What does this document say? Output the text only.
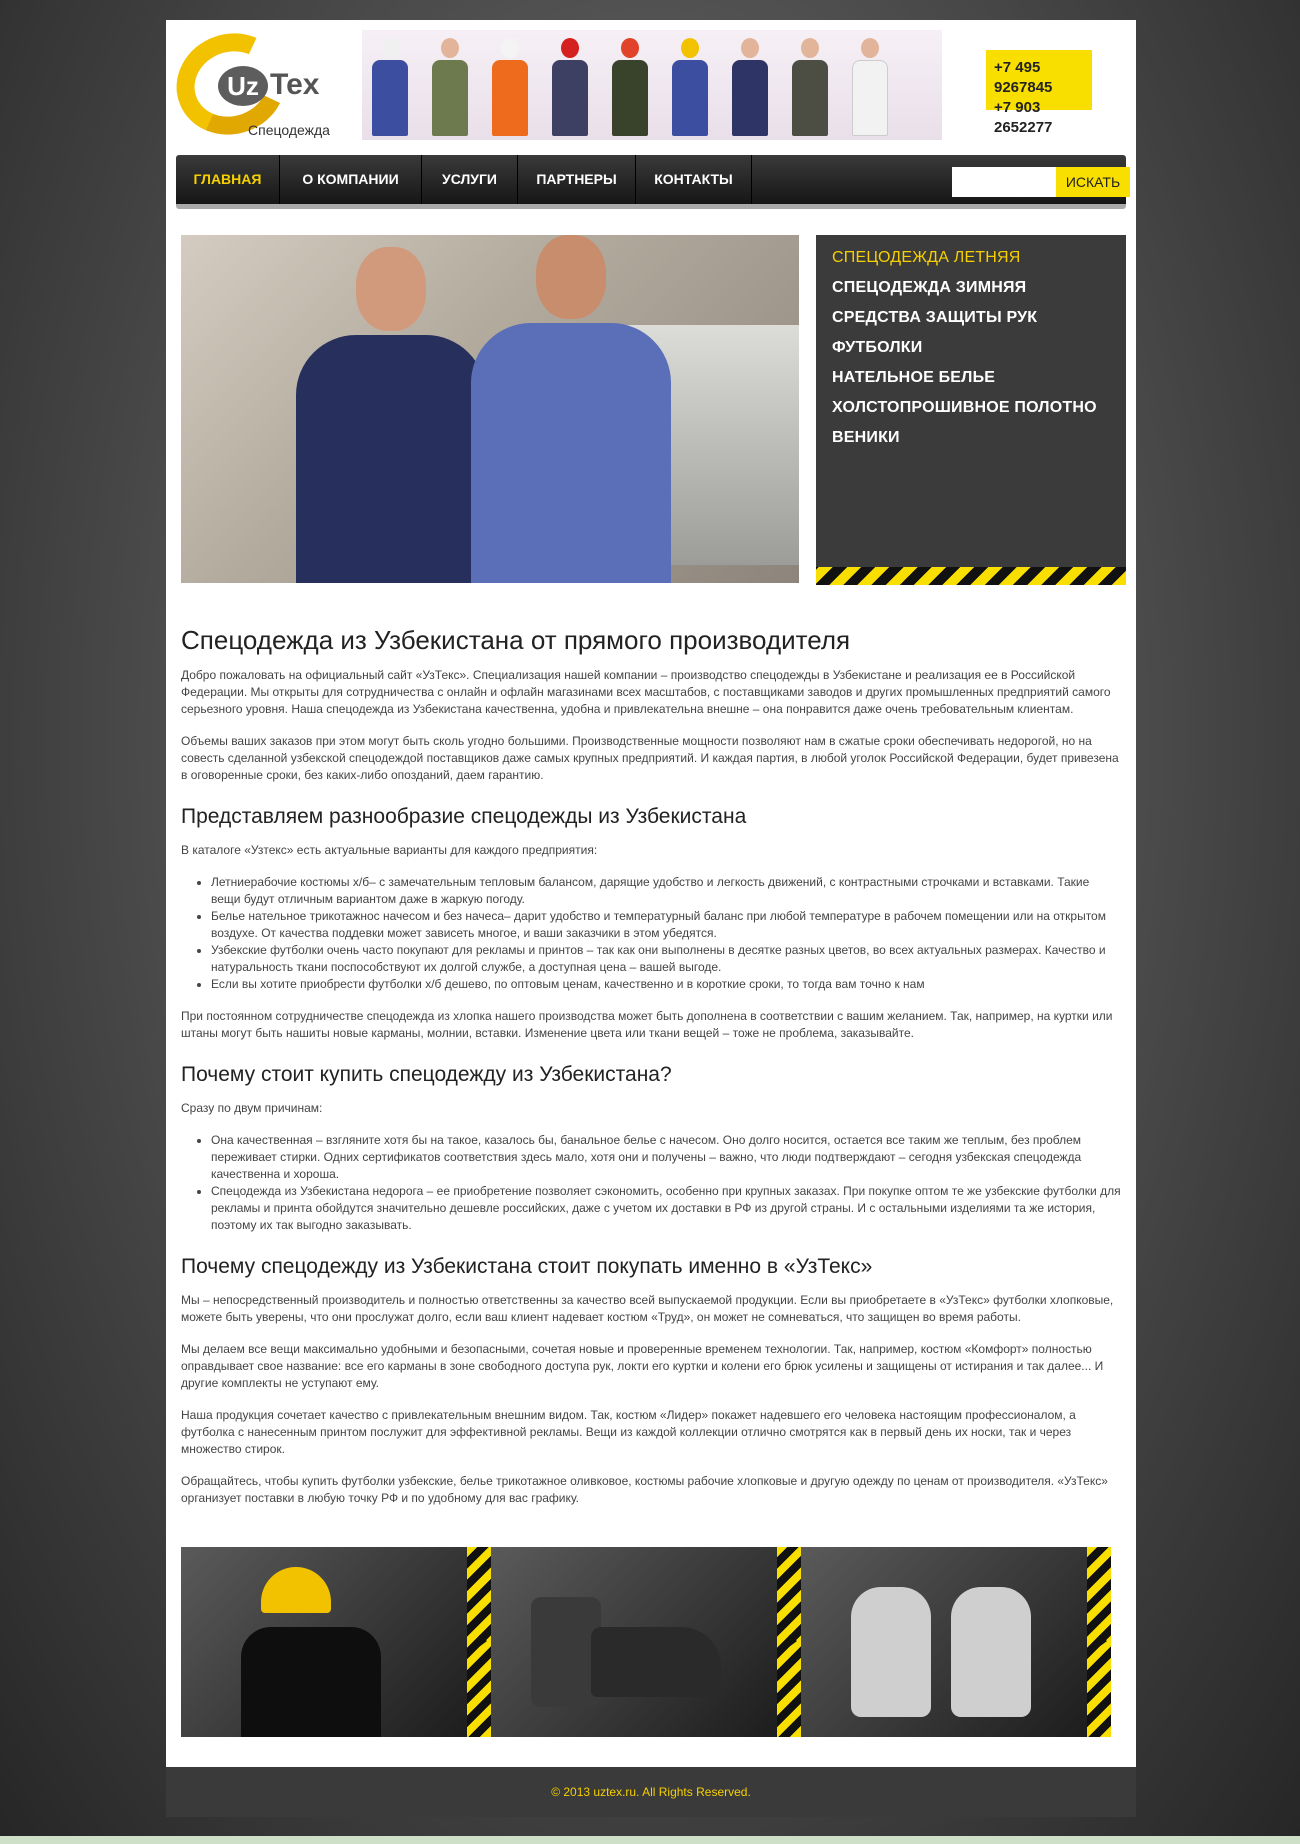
Uz Tex
Спецодежда
+7 495 9267845
+7 903 2652277
ГЛАВНАЯ	О КОМПАНИИ	УСЛУГИ	ПАРТНЕРЫ	КОНТАКТЫ	ИСКАТЬ
СПЕЦОДЕЖДА ЛЕТНЯЯ
СПЕЦОДЕЖДА ЗИМНЯЯ
СРЕДСТВА ЗАЩИТЫ РУК
ФУТБОЛКИ
НАТЕЛЬНОЕ БЕЛЬЕ
ХОЛСТОПРОШИВНОЕ ПОЛОТНО
ВЕНИКИ
Спецодежда из Узбекистана от прямого производителя

Добро пожаловать на официальный сайт «УзТекс». Специализация нашей компании – производство спецодежды в Узбекистане и реализация ее в Российской Федерации. Мы открыты для сотрудничества с онлайн и офлайн магазинами всех масштабов, с поставщиками заводов и других промышленных предприятий самого серьезного уровня. Наша спецодежда из Узбекистана качественна, удобна и привлекательна внешне – она понравится даже очень требовательным клиентам.

Объемы ваших заказов при этом могут быть сколь угодно большими. Производственные мощности позволяют нам в сжатые сроки обеспечивать недорогой, но на совесть сделанной узбекской спецодеждой поставщиков даже самых крупных предприятий. И каждая партия, в любой уголок Российской Федерации, будет привезена в оговоренные сроки, без каких-либо опозданий, даем гарантию.

Представляем разнообразие спецодежды из Узбекистана

В каталоге «Узтекс» есть актуальные варианты для каждого предприятия:

• Летниерабочие костюмы х/б– с замечательным тепловым балансом, дарящие удобство и легкость движений, с контрастными строчками и вставками. Такие вещи будут отличным вариантом даже в жаркую погоду.
• Белье нательное трикотажнос начесом и без начеса– дарит удобство и температурный баланс при любой температуре в рабочем помещении или на открытом воздухе. От качества поддевки может зависеть многое, и ваши заказчики в этом убедятся.
• Узбекские футболки очень часто покупают для рекламы и принтов – так как они выполнены в десятке разных цветов, во всех актуальных размерах. Качество и натуральность ткани поспособствуют их долгой службе, а доступная цена – вашей выгоде.
• Если вы хотите приобрести футболки х/б дешево, по оптовым ценам, качественно и в короткие сроки, то тогда вам точно к нам

При постоянном сотрудничестве спецодежда из хлопка нашего производства может быть дополнена в соответствии с вашим желанием. Так, например, на куртки или штаны могут быть нашиты новые карманы, молнии, вставки. Изменение цвета или ткани вещей – тоже не проблема, заказывайте.

Почему стоит купить спецодежду из Узбекистана?

Сразу по двум причинам:

• Она качественная – взгляните хотя бы на такое, казалось бы, банальное белье с начесом. Оно долго носится, остается все таким же теплым, без проблем переживает стирки. Одних сертификатов соответствия здесь мало, хотя они и получены – важно, что люди подтверждают – сегодня узбекская спецодежда качественна и хороша.
• Спецодежда из Узбекистана недорога – ее приобретение позволяет сэкономить, особенно при крупных заказах. При покупке оптом те же узбекские футболки для рекламы и принта обойдутся значительно дешевле российских, даже с учетом их доставки в РФ из другой страны. И с остальными изделиями та же история, поэтому их так выгодно заказывать.
Почему спецодежду из Узбекистана стоит покупать именно в «УзТекс»

Мы – непосредственный производитель и полностью ответственны за качество всей выпускаемой продукции. Если вы приобретаете в «УзТекс» футболки хлопковые, можете быть уверены, что они прослужат долго, если ваш клиент надевает костюм «Труд», он может не сомневаться, что защищен во время работы.

Мы делаем все вещи максимально удобными и безопасными, сочетая новые и проверенные временем технологии. Так, например, костюм «Комфорт» полностью оправдывает свое название: все его карманы в зоне свободного доступа рук, локти его куртки и колени его брюк усилены и защищены от истирания и так далее... И другие комплекты не уступают ему.

Наша продукция сочетает качество с привлекательным внешним видом. Так, костюм «Лидер» покажет надевшего его человека настоящим профессионалом, а футболка с нанесенным принтом послужит для эффективной рекламы. Вещи из каждой коллекции отлично смотрятся как в первый день их носки, так и через множество стирок.

Обращайтесь, чтобы купить футболки узбекские, белье трикотажное оливковое, костюмы рабочие хлопковые и другую одежду по ценам от производителя. «УзТекс» организует поставки в любую точку РФ и по удобному для вас графику.

© 2013 uztex.ru. All Rights Reserved.
